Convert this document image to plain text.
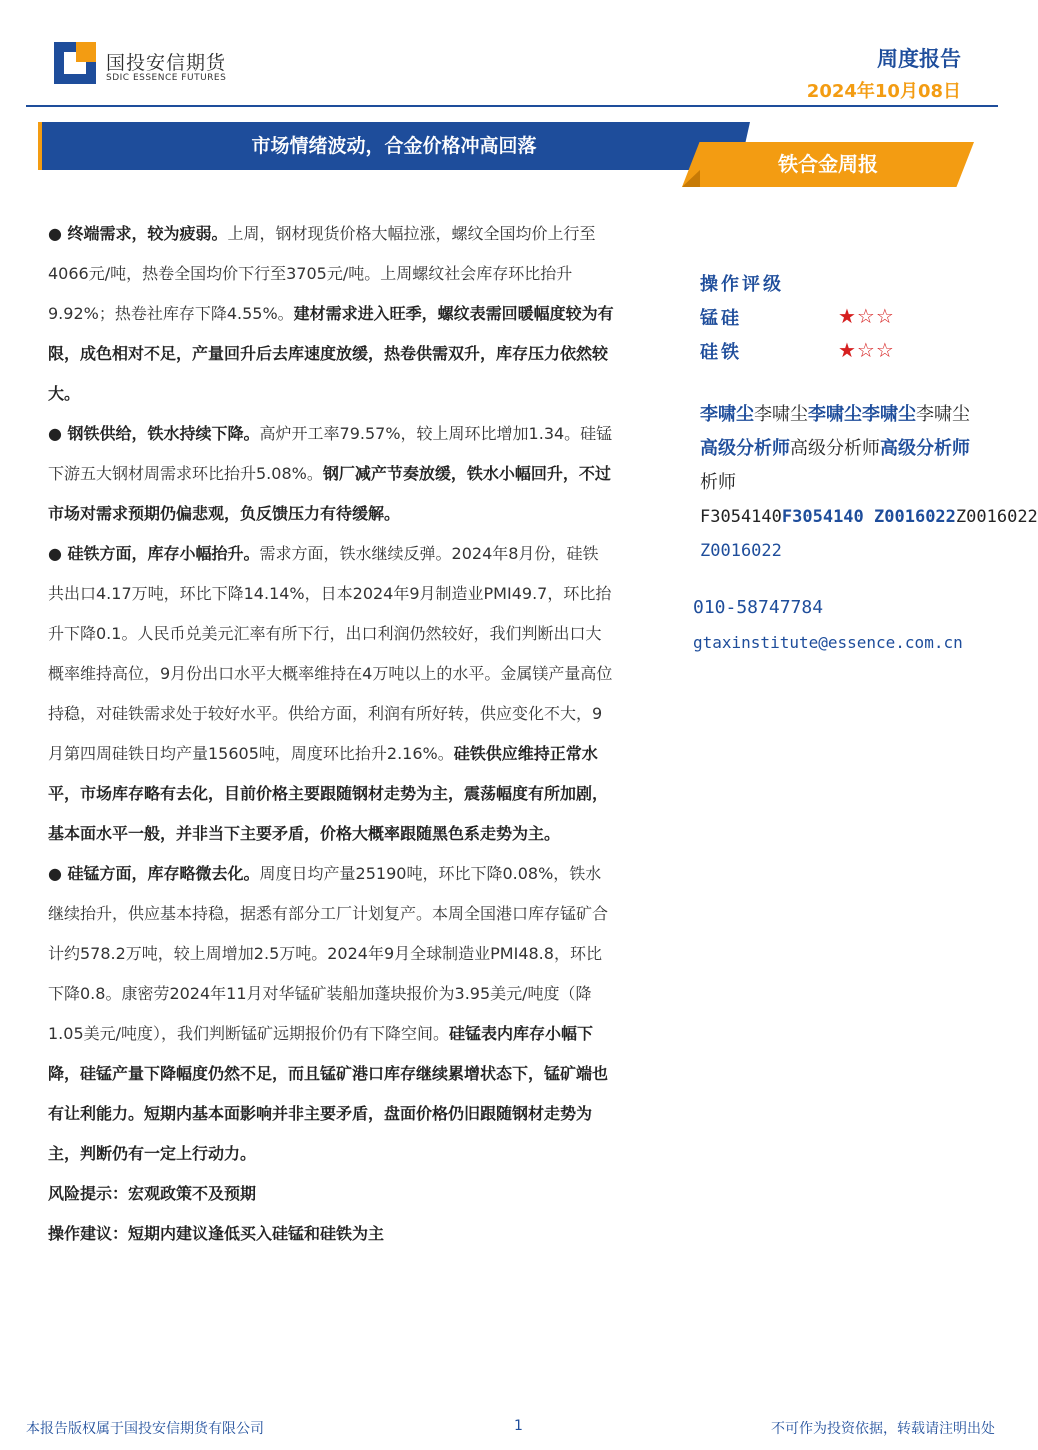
国投安信期货
SDIC ESSENCE FUTURES
周度报告
2024年10月08日
市场情绪波动，合金价格冲高回落
铁合金周报

● 终端需求，较为疲弱。上周，钢材现货价格大幅拉涨，螺纹全国均价上行至4066元/吨，热卷全国均价下行至3705元/吨。上周螺纹社会库存环比抬升9.92%；热卷社库存下降4.55%。建材需求进入旺季，螺纹表需回暖幅度较为有限，成色相对不足，产量回升后去库速度放缓，热卷供需双升，库存压力依然较大。

● 钢铁供给，铁水持续下降。高炉开工率79.57%，较上周环比增加1.34。硅锰下游五大钢材周需求环比抬升5.08%。钢厂减产节奏放缓，铁水小幅回升，不过市场对需求预期仍偏悲观，负反馈压力有待缓解。

● 硅铁方面，库存小幅抬升。需求方面，铁水继续反弹。2024年8月份，硅铁共出口4.17万吨，环比下降14.14%，日本2024年9月制造业PMI49.7，环比抬升下降0.1。人民币兑美元汇率有所下行，出口利润仍然较好，我们判断出口大概率维持高位，9月份出口水平大概率维持在4万吨以上的水平。金属镁产量高位持稳，对硅铁需求处于较好水平。供给方面，利润有所好转，供应变化不大，9月第四周硅铁日均产量15605吨，周度环比抬升2.16%。硅铁供应维持正常水平，市场库存略有去化，目前价格主要跟随钢材走势为主，震荡幅度有所加剧，基本面水平一般，并非当下主要矛盾，价格大概率跟随黑色系走势为主。

● 硅锰方面，库存略微去化。周度日均产量25190吨，环比下降0.08%，铁水继续抬升，供应基本持稳，据悉有部分工厂计划复产。本周全国港口库存锰矿合计约578.2万吨，较上周增加2.5万吨。2024年9月全球制造业PMI48.8，环比下降0.8。康密劳2024年11月对华锰矿装船加蓬块报价为3.95美元/吨度（降1.05美元/吨度），我们判断锰矿远期报价仍有下降空间。硅锰表内库存小幅下降，硅锰产量下降幅度仍然不足，而且锰矿港口库存继续累增状态下，锰矿端也有让利能力。短期内基本面影响并非主要矛盾，盘面价格仍旧跟随钢材走势为主，判断仍有一定上行动力。

风险提示：宏观政策不及预期

操作建议：短期内建议逢低买入硅锰和硅铁为主

操作评级
锰硅	★☆☆
硅铁	★☆☆
李啸尘李啸尘李啸尘李啸尘李啸尘
高级分析师高级分析师高级分析师
析师
F3054140F3054140 Z0016022Z0016022
Z0016022
010-58747784
gtaxinstitute@essence.com.cn
本报告版权属于国投安信期货有限公司	1	不可作为投资依据，转载请注明出处
